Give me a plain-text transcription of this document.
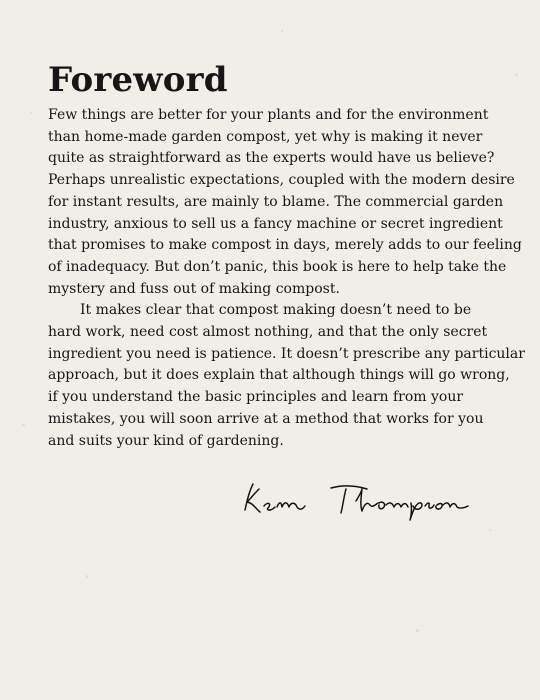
Foreword

Few things are better for your plants and for the environment
than home-made garden compost, yet why is making it never
quite as straightforward as the experts would have us believe?
Perhaps unrealistic expectations, coupled with the modern desire
for instant results, are mainly to blame. The commercial garden
industry, anxious to sell us a fancy machine or secret ingredient
that promises to make compost in days, merely adds to our feeling
of inadequacy. But don’t panic, this book is here to help take the
mystery and fuss out of making compost.

It makes clear that compost making doesn’t need to be
hard work, need cost almost nothing, and that the only secret
ingredient you need is patience. It doesn’t prescribe any particular
approach, but it does explain that although things will go wrong,
if you understand the basic principles and learn from your
mistakes, you will soon arrive at a method that works for you
and suits your kind of gardening.
